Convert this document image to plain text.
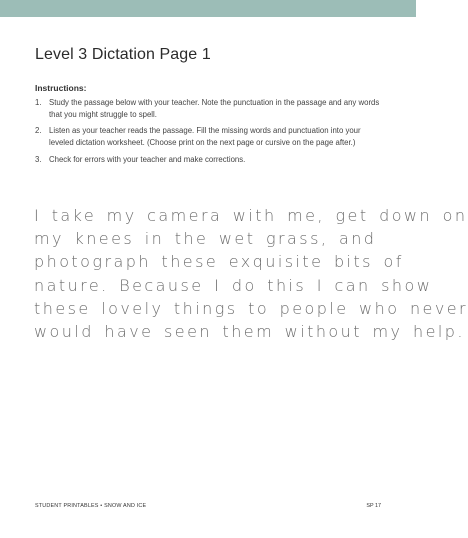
Level 3 Dictation Page 1
Instructions:
1. Study the passage below with your teacher. Note the punctuation in the passage and any words that you might struggle to spell.
2. Listen as your teacher reads the passage. Fill the missing words and punctuation into your leveled dictation worksheet. (Choose print on the next page or cursive on the page after.)
3. Check for errors with your teacher and make corrections.
I take my camera with me, get down on
my knees in the wet grass, and
photograph these exquisite bits of
nature. Because I do this I can show
these lovely things to people who never
would have seen them without my help.
STUDENT PRINTABLES • SNOW AND ICE	SP 17
